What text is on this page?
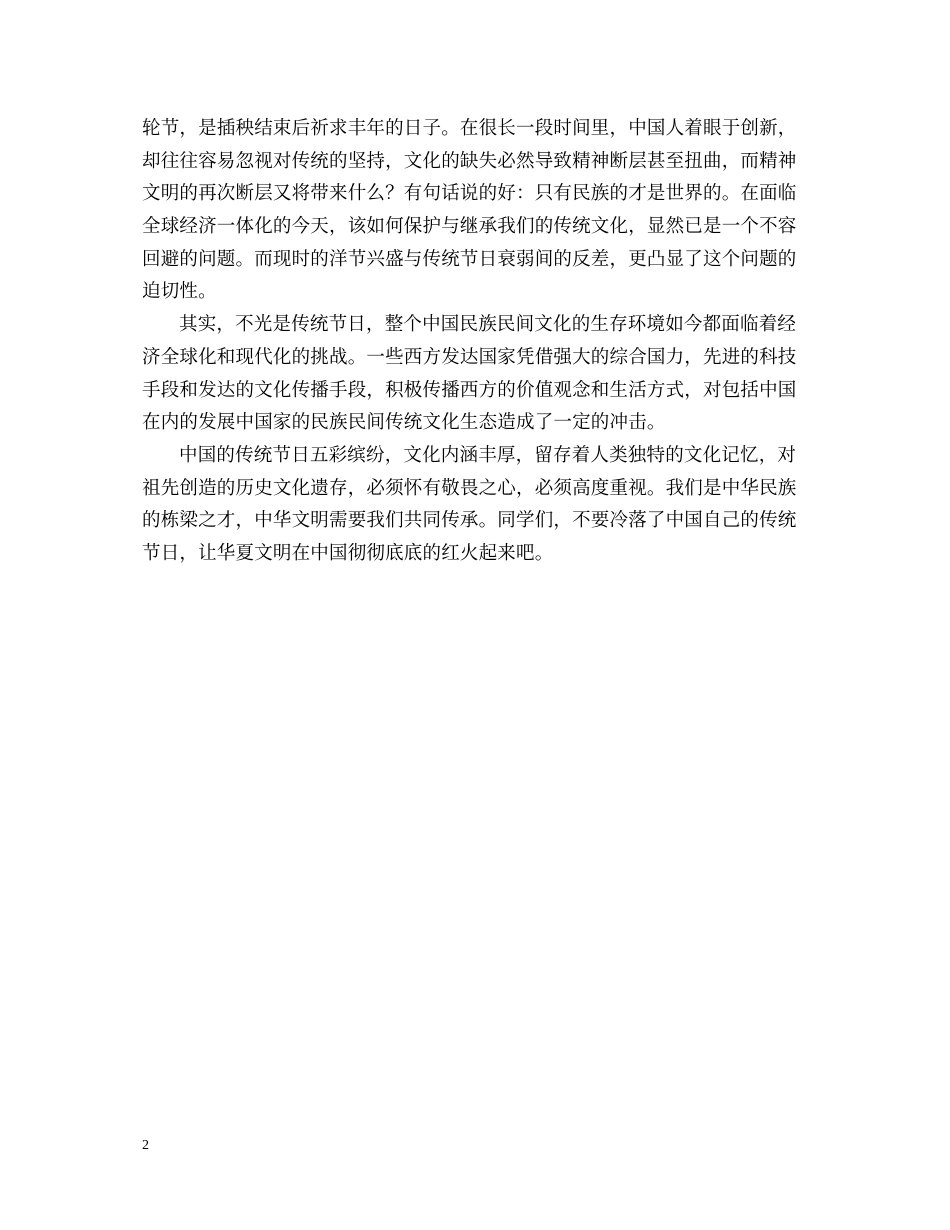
轮节，是插秧结束后祈求丰年的日子。在很长一段时间里，中国人着眼于创新，
却往往容易忽视对传统的坚持，文化的缺失必然导致精神断层甚至扭曲，而精神
文明的再次断层又将带来什么？有句话说的好：只有民族的才是世界的。在面临
全球经济一体化的今天，该如何保护与继承我们的传统文化，显然已是一个不容
回避的问题。而现时的洋节兴盛与传统节日衰弱间的反差，更凸显了这个问题的
迫切性。

其实，不光是传统节日，整个中国民族民间文化的生存环境如今都面临着经
济全球化和现代化的挑战。一些西方发达国家凭借强大的综合国力，先进的科技
手段和发达的文化传播手段，积极传播西方的价值观念和生活方式，对包括中国
在内的发展中国家的民族民间传统文化生态造成了一定的冲击。

中国的传统节日五彩缤纷，文化内涵丰厚，留存着人类独特的文化记忆，对
祖先创造的历史文化遗存，必须怀有敬畏之心，必须高度重视。我们是中华民族
的栋梁之才，中华文明需要我们共同传承。同学们，不要冷落了中国自己的传统
节日，让华夏文明在中国彻彻底底的红火起来吧。

2
